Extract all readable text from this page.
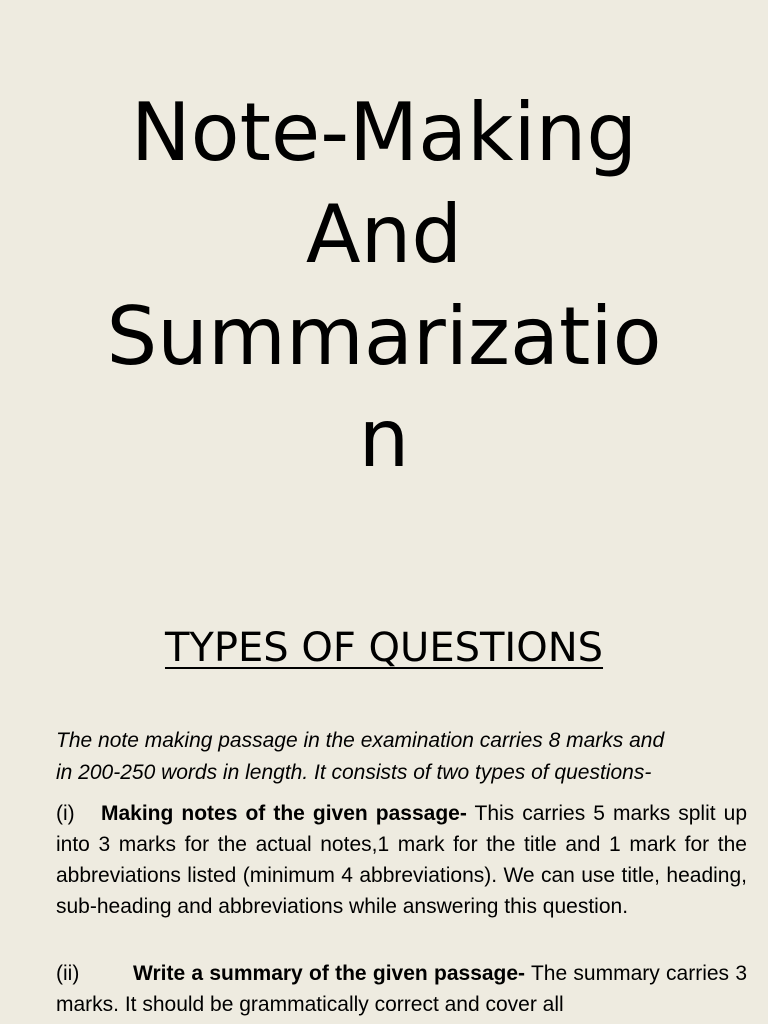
Note-Making
And
Summarizatio
n
TYPES OF QUESTIONS

The note making passage in the examination carries 8 marks and
in 200-250 words in length. It consists of two types of questions-

(i) Making notes of the given passage- This carries 5 marks split up into 3 marks for the actual notes,1 mark for the title and 1 mark for the abbreviations listed (minimum 4 abbreviations). We can use title, heading, sub-heading and abbreviations while answering this question.

(ii)	Write a summary of the given passage- The summary carries 3 marks. It should be grammatically correct and cover all
